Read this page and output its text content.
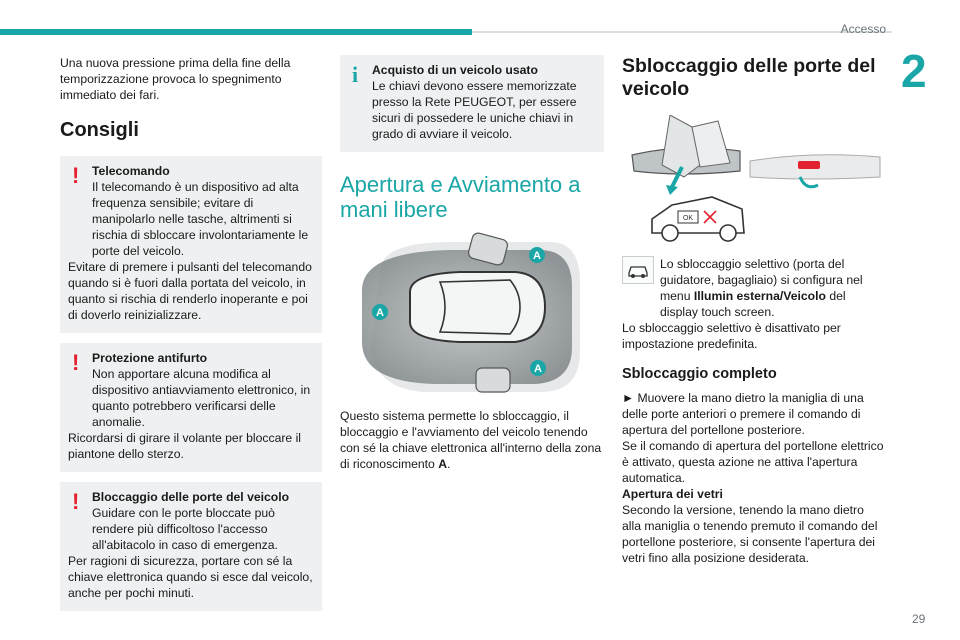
Accesso
2
29

Una nuova pressione prima della fine della temporizzazione provoca lo spegnimento immediato dei fari.

Consigli
! Telecomando
Il telecomando è un dispositivo ad alta frequenza sensibile; evitare di manipolarlo nelle tasche, altrimenti si rischia di sbloccare involontariamente le porte del veicolo.
Evitare di premere i pulsanti del telecomando quando si è fuori dalla portata del veicolo, in quanto si rischia di renderlo inoperante e poi di doverlo reinizializzare.
! Protezione antifurto
Non apportare alcuna modifica al dispositivo antiavviamento elettronico, in quanto potrebbero verificarsi delle anomalie.
Ricordarsi di girare il volante per bloccare il piantone dello sterzo.
! Bloccaggio delle porte del veicolo
Guidare con le porte bloccate può rendere più difficoltoso l'accesso all'abitacolo in caso di emergenza.
Per ragioni di sicurezza, portare con sé la chiave elettronica quando si esce dal veicolo, anche per pochi minuti.
i Acquisto di un veicolo usato
Le chiavi devono essere memorizzate presso la Rete PEUGEOT, per essere sicuri di possedere le uniche chiavi in grado di avviare il veicolo.
Apertura e Avviamento a mani libere
A
A
A

Questo sistema permette lo sbloccaggio, il bloccaggio e l'avviamento del veicolo tenendo con sé la chiave elettronica all'interno della zona di riconoscimento A.

Sbloccaggio delle porte del veicolo
OK

Lo sbloccaggio selettivo (porta del guidatore, bagagliaio) si configura nel menu Illumin esterna/Veicolo del display touch screen.

Lo sbloccaggio selettivo è disattivato per impostazione predefinita.

Sbloccaggio completo

► Muovere la mano dietro la maniglia di una delle porte anteriori o premere il comando di apertura del portellone posteriore.

Se il comando di apertura del portellone elettrico è attivato, questa azione ne attiva l'apertura automatica.

Apertura dei vetri

Secondo la versione, tenendo la mano dietro alla maniglia o tenendo premuto il comando del portellone posteriore, si consente l'apertura dei vetri fino alla posizione desiderata.
